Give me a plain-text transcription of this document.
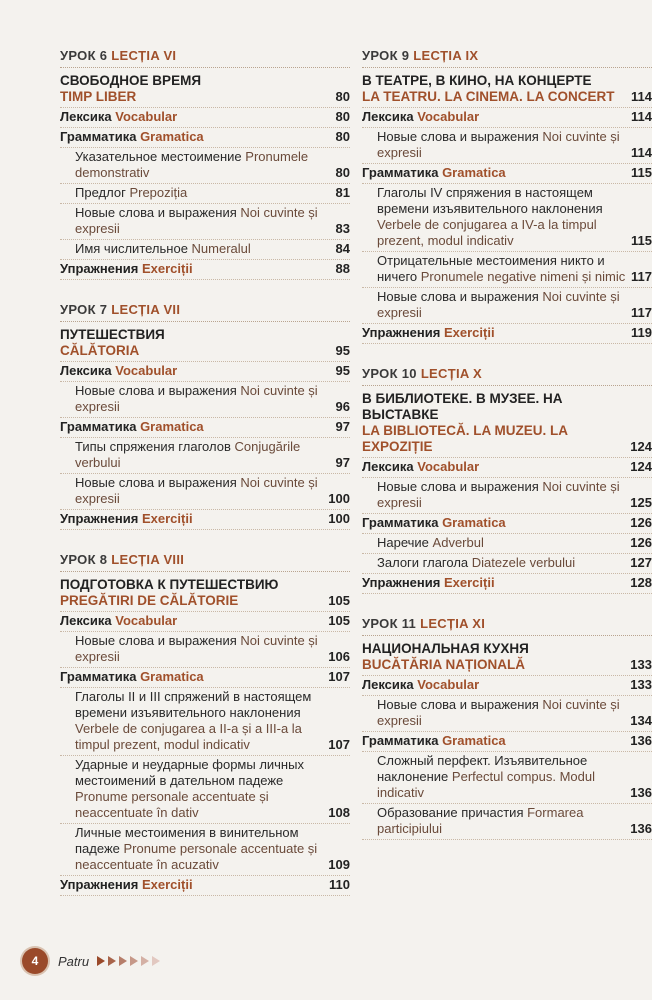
УРОК 6 LECȚIA VI
СВОБОДНОЕ ВРЕМЯ
TIMP LIBER	80
Лексика Vocabular	80
Грамматика Gramatica	80
Указательное местоимение Pronumele demonstrativ	80
Предлог Prepoziția	81
Новые слова и выражения Noi cuvinte și expresii	83
Имя числительное Numeralul	84
Упражнения Exerciții	88
УРОК 7 LECȚIA VII
ПУТЕШЕСТВИЯ
CĂLĂTORIA	95
Лексика Vocabular	95
Новые слова и выражения Noi cuvinte și expresii	96
Грамматика Gramatica	97
Типы спряжения глаголов Conjugările verbului	97
Новые слова и выражения Noi cuvinte și expresii	100
Упражнения Exerciții	100
УРОК 8 LECȚIA VIII
ПОДГОТОВКА К ПУТЕШЕСТВИЮ
PREGĂTIRI DE CĂLĂTORIE	105
Лексика Vocabular	105
Новые слова и выражения Noi cuvinte și expresii	106
Грамматика Gramatica	107
Глаголы II и III спряжений в настоящем времени изъявительного наклонения Verbele de conjugarea a II-a și a III-a la timpul prezent, modul indicativ	107
Ударные и неударные формы личных местоимений в дательном падеже Pronume personale accentuate și neaccentuate în dativ	108
Личные местоимения в винительном падеже Pronume personale accentuate și neaccentuate în acuzativ	109
Упражнения Exerciții	110
УРОК 9 LECȚIA IX
В ТЕАТРЕ, В КИНО, НА КОНЦЕРТЕ
LA TEATRU. LA CINEMA. LA CONCERT	114
Лексика Vocabular	114
Новые слова и выражения Noi cuvinte și expresii	114
Грамматика Gramatica	115
Глаголы IV спряжения в настоящем времени изъявительного наклонения Verbele de conjugarea a IV-a la timpul prezent, modul indicativ	115
Отрицательные местоимения никто и ничего Pronumele negative nimeni și nimic 117
Новые слова и выражения Noi cuvinte și expresii	117
Упражнения Exerciții	119
УРОК 10 LECȚIA X
В БИБЛИОТЕКЕ. В МУЗЕЕ. НА ВЫСТАВКЕ
LA BIBLIOTECĂ. LA MUZEU. LA EXPOZIȚIE	124
Лексика Vocabular	124
Новые слова и выражения Noi cuvinte și expresii	125
Грамматика Gramatica	126
Наречие Adverbul	126
Залоги глагола Diatezele verbului	127
Упражнения Exerciții	128
УРОК 11 LECȚIA XI
НАЦИОНАЛЬНАЯ КУХНЯ
BUCĂTĂRIA NAȚIONALĂ	133
Лексика Vocabular	133
Новые слова и выражения Noi cuvinte și expresii	134
Грамматика Gramatica	136
Сложный перфект. Изъявительное наклонение Perfectul compus. Modul indicativ	136
Образование причастия Formarea participiului	136
4	Patru
